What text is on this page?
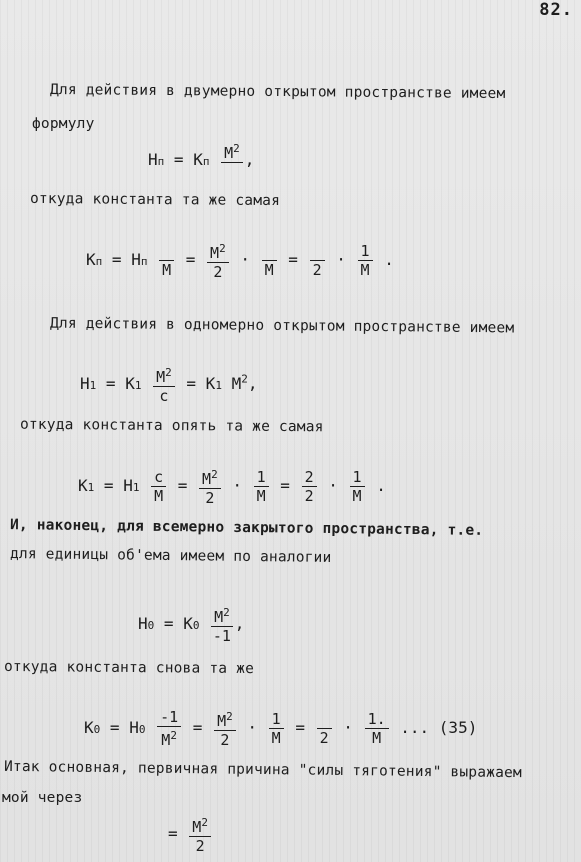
82.
Для действия в двумерно открытом пространстве имеем
формулу
Hп = Kп $M^2$

,
откуда константа та же самая
Kп = Hп
M
= $\frac{M^2}{2}$ ·

M
=

2
· $\frac{1}{M}$ .
Для действия в одномерно открытом пространстве имеем
$H1 = K1 \frac{M^2}{c} = K1$ $M^2$,
откуда константа опять та же самая
$K1 = H1 \frac{c}{M} = \frac{M^2}{2} \cdot \frac{1}{M} = \frac{2}{2} \cdot \frac{1}{M}$ .
И, наконец, для всемерно закрытого пространства, т.е.
для единицы об'ема имеем по аналогии
$H0 = K0 \frac{M^2}{-1}$ ,
откуда константа снова та же
$K0 = H0 \frac{-1}{M^2} = \frac{M^2}{2} \cdot \frac{1}{M}$ =

2
· $\frac{1.}{M}$ ... (35)
Итак основная, первичная причина "силы тяготения" выражаем
мой через
= $\frac{M^2}{2}$
